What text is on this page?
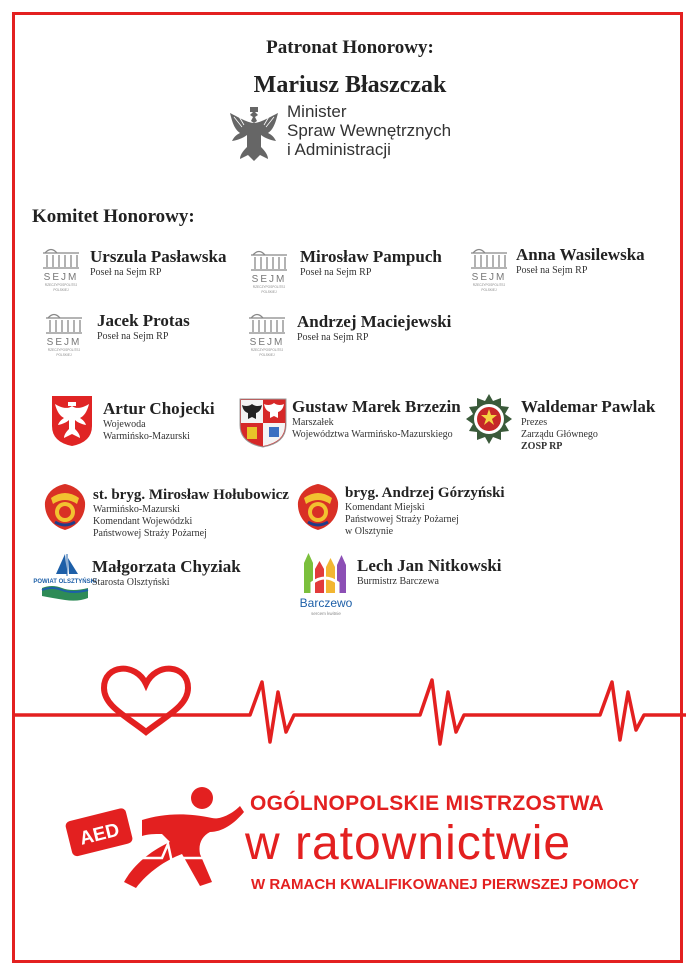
Patronat Honorowy:
Mariusz Błaszczak
Minister
Spraw Wewnętrznych
i Administracji
Komitet Honorowy:
SEJM
RZECZYPOSPOLITEJ
POLSKIEJ
Urszula Pasławska
Poseł na Sejm RP
SEJM
RZECZYPOSPOLITEJ
POLSKIEJ
Mirosław Pampuch
Poseł na Sejm RP	SEJM
RZECZYPOSPOLITEJ
POLSKIEJ
Anna Wasilewska
Poseł na Sejm RP
SEJM
RZECZYPOSPOLITEJ
POLSKIEJ
Jacek Protas
Poseł na Sejm RP
SEJM
RZECZYPOSPOLITEJ
POLSKIEJ
Andrzej Maciejewski
Poseł na Sejm RP
Artur Chojecki
Wojewoda
Warmińsko-Mazurski
Gustaw Marek Brzezin
Marszałek
Województwa Warmińsko-Mazurskiego
Waldemar Pawlak
Prezes
Zarządu Głównego
ZOSP RP
st. bryg. Mirosław Hołubowicz
Warmińsko-Mazurski
Komendant Wojewódzki
Państwowej Straży Pożarnej
bryg. Andrzej Górzyński
Komendant Miejski
Państwowej Straży Pożarnej
w Olsztynie
POWIAT OLSZTYŃSKI
Małgorzata Chyziak
Starosta Olsztyński
Barczewo
sercem kwitnie
Lech Jan Nitkowski
Burmistrz Barczewa
AED
OGÓLNOPOLSKIE MISTRZOSTWA
w ratownictwie
W RAMACH KWALIFIKOWANEJ PIERWSZEJ POMOCY
